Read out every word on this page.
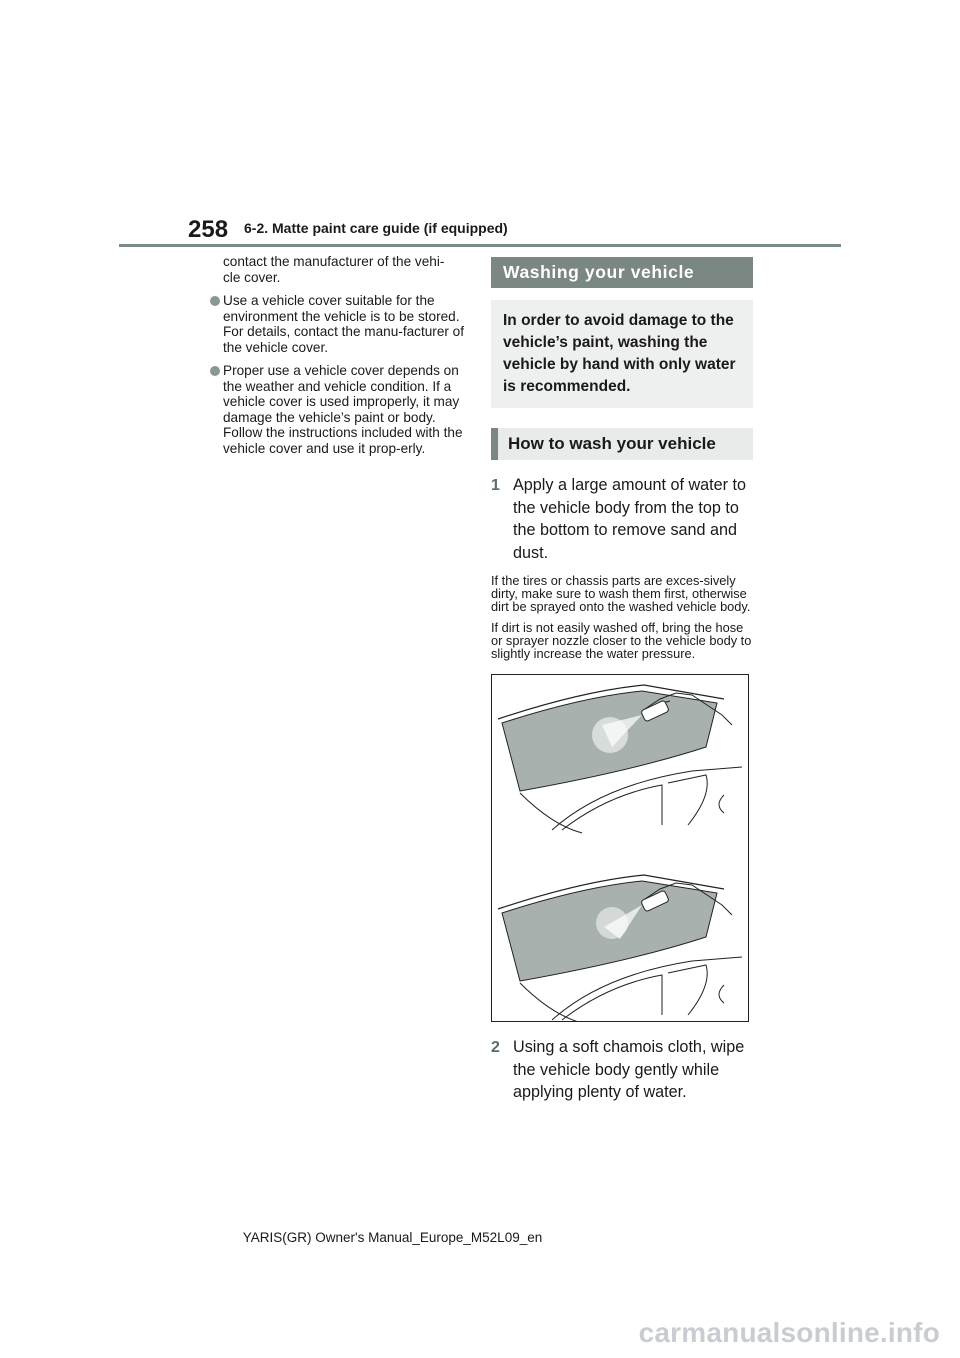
258 6-2. Matte paint care guide (if equipped)

contact the manufacturer of the vehi-
cle cover.

Use a vehicle cover suitable for the environment the vehicle is to be stored. For details, contact the manu-facturer of the vehicle cover.

Proper use a vehicle cover depends on the weather and vehicle condition. If a vehicle cover is used improperly, it may damage the vehicle’s paint or body. Follow the instructions included with the vehicle cover and use it prop-erly.

Washing your vehicle
In order to avoid damage to the vehicle’s paint, washing the vehicle by hand with only water is recommended.
How to wash your vehicle
1 Apply a large amount of water to the vehicle body from the top to the bottom to remove sand and dust.

If the tires or chassis parts are exces-sively dirty, make sure to wash them first, otherwise dirt be sprayed onto the washed vehicle body.

If dirt is not easily washed off, bring the hose or sprayer nozzle closer to the vehicle body to slightly increase the water pressure.

2 Using a soft chamois cloth, wipe the vehicle body gently while applying plenty of water.
YARIS(GR) Owner's Manual_Europe_M52L09_en
carmanualsonline.info
